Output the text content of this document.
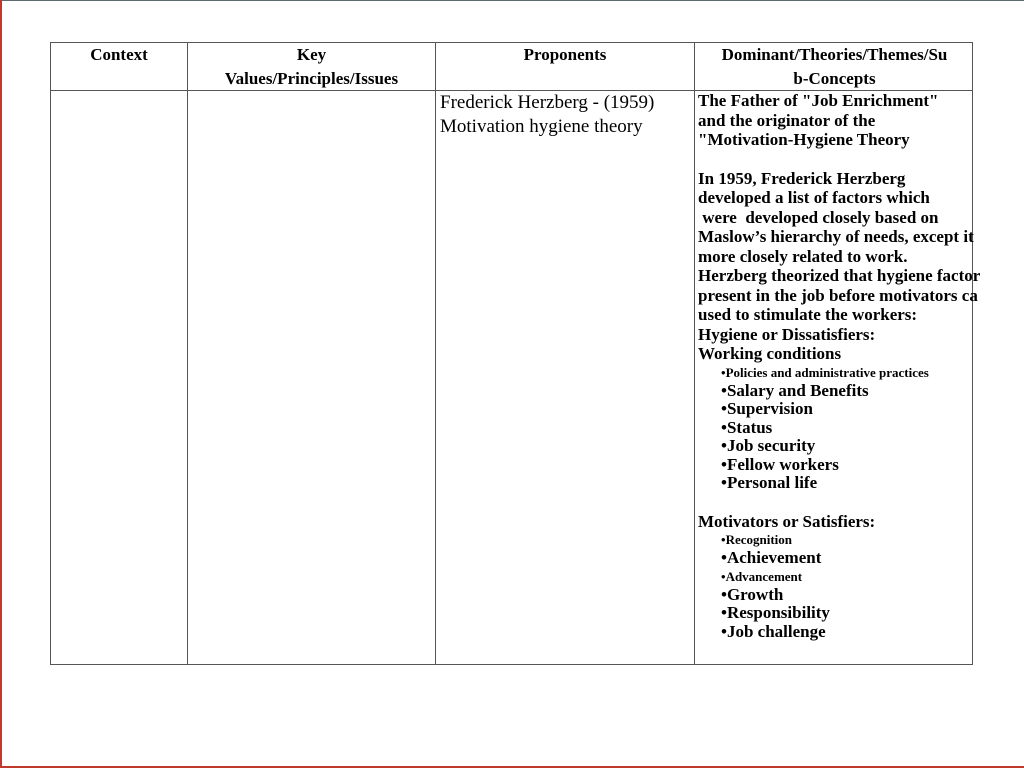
Context	Key
Values/Principles/Issues
Proponents	Dominant/Theories/Themes/Su
b-Concepts
Frederick Herzberg - (1959)
Motivation hygiene theory
The Father of "Job Enrichment"
and the originator of the
"Motivation-Hygiene Theory
In 1959, Frederick Herzberg
developed a list of factors which
were  developed closely based on
Maslow’s hierarchy of needs, except it
more closely related to work.
Herzberg theorized that hygiene factor
present in the job before motivators ca
used to stimulate the workers:
Hygiene or Dissatisfiers:
Working conditions
•Policies and administrative practices
•Salary and Benefits
•Supervision
•Status
•Job security
•Fellow workers
•Personal life
Motivators or Satisfiers:
•Recognition
•Achievement
•Advancement
•Growth
•Responsibility
•Job challenge
